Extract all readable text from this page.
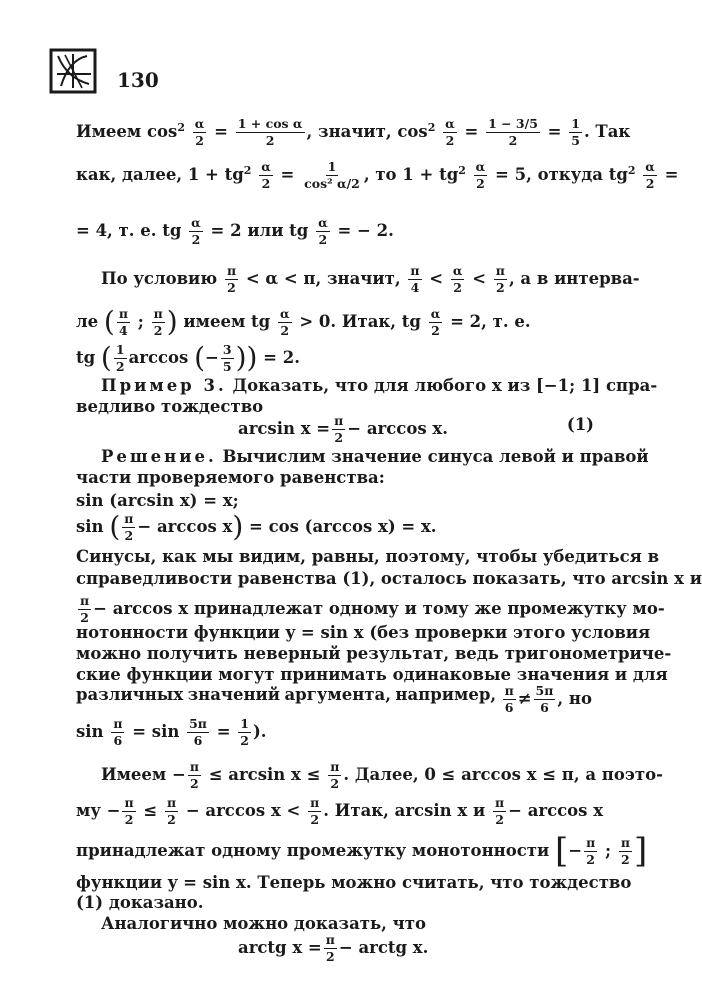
130
Имеем $\cos^2 \frac{\alpha}{2} = \frac{\text{1 + cos α}}{2}$ , значит, $\cos^2 \frac{\alpha}{2} = \frac{1 - 3/5}{2} = \frac{1}{5}$ . Так
как, далее, $1 + tg^2 \frac{\alpha}{2} = \frac{1}{\text{cos² α/2}}$ , то $1 + tg^2 \frac{\alpha}{2} = 5$, откуда $tg^2 \frac{\alpha}{2}$ =
= 4, т. е. tg $\frac{\alpha}{2} = 2$ или tg $\frac{\alpha}{2}$ = − 2.
По условию $\frac{\pi}{2} < \alpha < \pi$, значит, $\frac{\pi}{4} < \frac{\alpha}{2} < \frac{\pi}{2}$ , а в интерва-
ле ( $\frac{\pi}{4}$ ; $\frac{\pi}{2}$ ) имеем tg $\frac{\alpha}{2} > 0$. Итак, tg $\frac{\alpha}{2} = 2$, т. е.
tg ( $\frac{1}{2}$ arccos (− $\frac{3}{5}$ )) = 2.
Пример 3. Доказать, что для любого x из [−1; 1] спра-
ведливо тождество
$\arcsin x = \frac{\pi}{2} - \arccos x$.	(1)
Решение. Вычислим значение синуса левой и правой
части проверяемого равенства:
sin (arcsin x) = x;
sin ( $\frac{\pi}{2} - \arccos x) = \cos (\arccos$ x) = x.
Синусы, как мы видим, равны, поэтому, чтобы убедиться в
справедливости равенства (1), осталось показать, что arcsin x и
$\frac{\pi}{2} - \arccos x$ принадлежат одному и тому же промежутку мо-
нотонности функции y = sin x (без проверки этого условия
можно получить неверный результат, ведь тригонометриче-
ские функции могут принимать одинаковые значения и для
различных значений аргумента, например, $\frac{\pi}{6} \ne \frac{5\pi}{6}$ , но
$\sin \frac{\pi}{6} = \sin \frac{5\pi}{6} = \frac{1}{2}$ ).
Имеем − $\frac{\pi}{2} \le \arcsin x \le \frac{\pi}{2}$ . Далее, 0 ≤ arccos x ≤ π, а поэто-
му − $\frac{\pi}{2} \le \frac{\pi}{2} - \arccos x < \frac{\pi}{2}$ . Итак, arcsin x и $\frac{\pi}{2} - \arccos x$
принадлежат одному промежутку монотонности [− $\frac{\pi}{2}$ ; $\frac{\pi}{2}$ ]
функции y = sin x. Теперь можно считать, что тождество
(1) доказано.
Аналогично можно доказать, что
arctg $x = \frac{\pi}{2}$ − arctg x.
